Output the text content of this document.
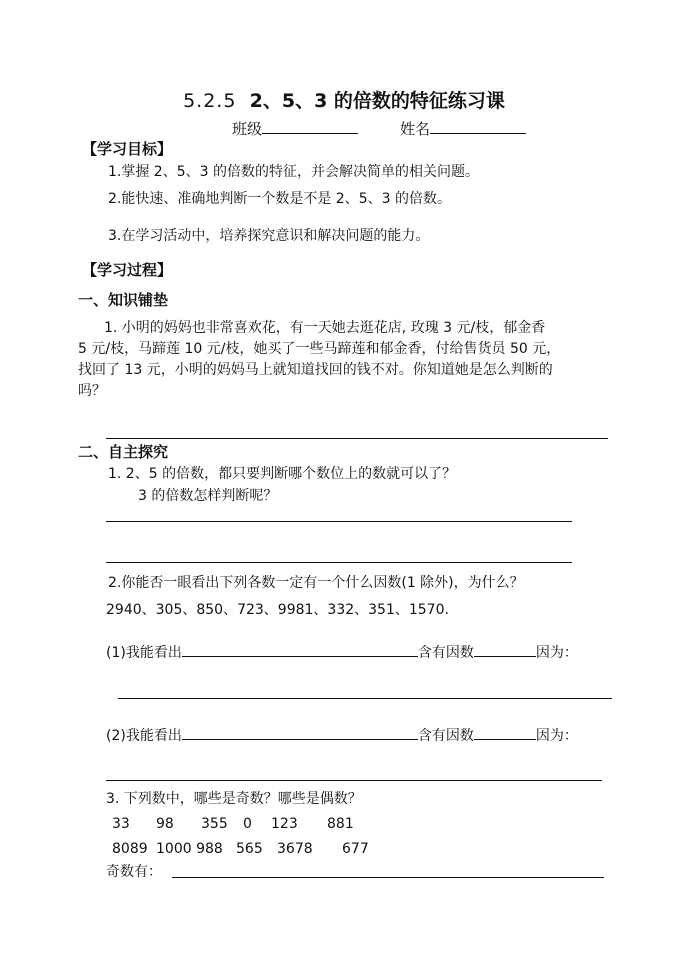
5.2.5 2、5、3 的倍数的特征练习课
班级	姓名
【学习目标】
1.掌握 2、5、3 的倍数的特征，并会解决简单的相关问题。
2.能快速、准确地判断一个数是不是 2、5、3 的倍数。
3.在学习活动中，培养探究意识和解决问题的能力。
【学习过程】
一、知识铺垫
1. 小明的妈妈也非常喜欢花，有一天她去逛花店, 玫瑰 3 元/枝，郁金香
5 元/枝，马蹄莲 10 元/枝，她买了一些马蹄莲和郁金香，付给售货员 50 元，
找回了 13 元，小明的妈妈马上就知道找回的钱不对。你知道她是怎么判断的
吗？
二、自主探究
1. 2、5 的倍数，都只要判断哪个数位上的数就可以了？
3 的倍数怎样判断呢？
2.你能否一眼看出下列各数一定有一个什么因数(1 除外)，为什么？
2940、305、850、723、9981、332、351、1570.
(1)我能看出	含有因数	因为：
(2)我能看出	含有因数	因为：
3. 下列数中，哪些是奇数？哪些是偶数？
33 98 355 0 123 881
8089 1000 988 565 3678 677
奇数有：
